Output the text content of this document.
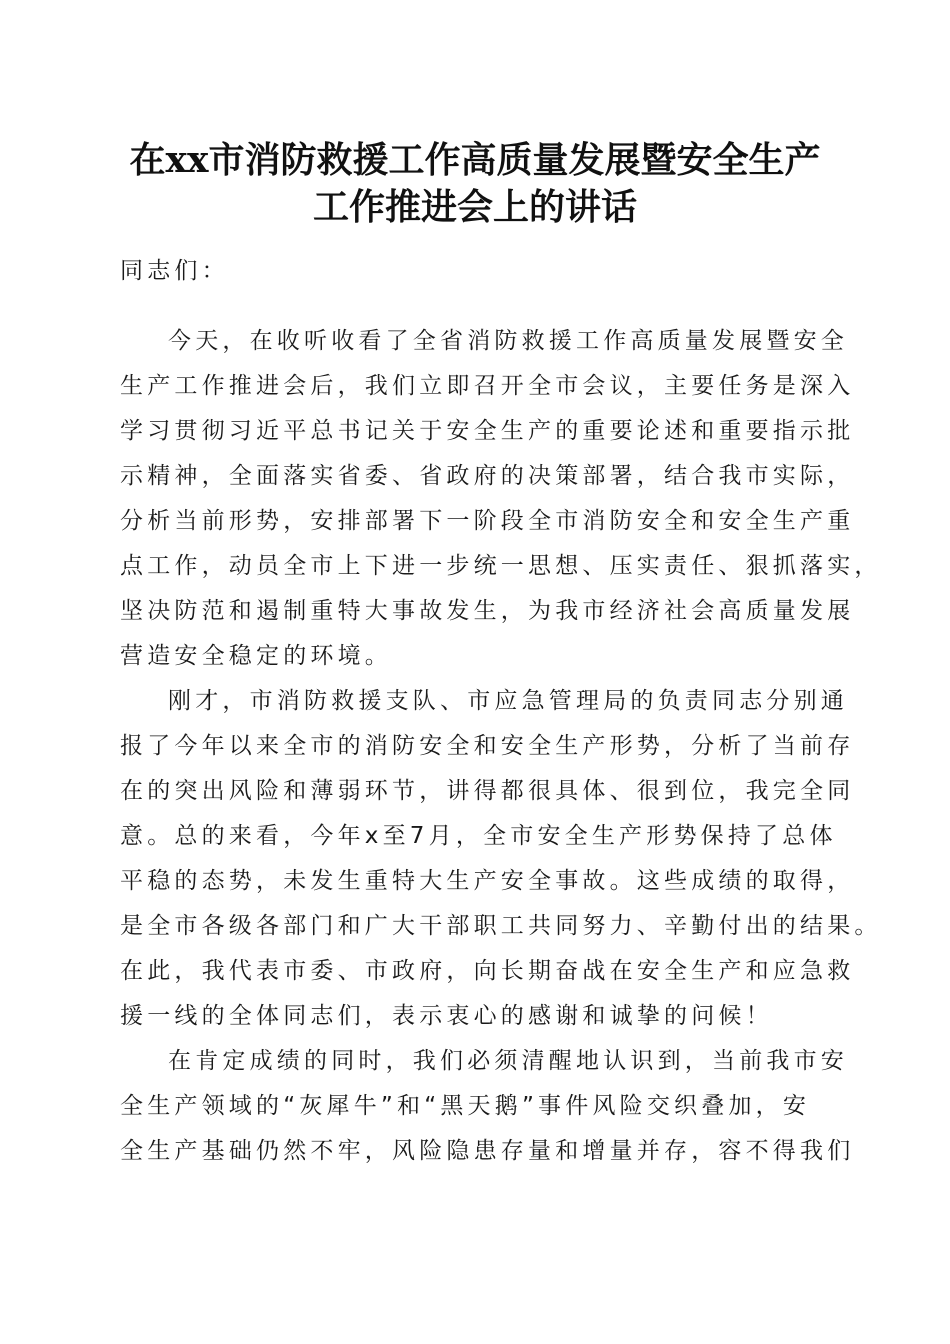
在xx市消防救援工作高质量发展暨安全生产
工作推进会上的讲话
同志们：
今天，在收听收看了全省消防救援工作高质量发展暨安全
生产工作推进会后，我们立即召开全市会议，主要任务是深入
学习贯彻习近平总书记关于安全生产的重要论述和重要指示批
示精神，全面落实省委、省政府的决策部署，结合我市实际，
分析当前形势，安排部署下一阶段全市消防安全和安全生产重
点工作，动员全市上下进一步统一思想、压实责任、狠抓落实，
坚决防范和遏制重特大事故发生，为我市经济社会高质量发展
营造安全稳定的环境。
刚才，市消防救援支队、市应急管理局的负责同志分别通
报了今年以来全市的消防安全和安全生产形势，分析了当前存
在的突出风险和薄弱环节，讲得都很具体、很到位，我完全同
意。总的来看，今年x至7月，全市安全生产形势保持了总体
平稳的态势，未发生重特大生产安全事故。这些成绩的取得，
是全市各级各部门和广大干部职工共同努力、辛勤付出的结果。
在此，我代表市委、市政府，向长期奋战在安全生产和应急救
援一线的全体同志们，表示衷心的感谢和诚挚的问候！
在肯定成绩的同时，我们必须清醒地认识到，当前我市安
全生产领域的“灰犀牛”和“黑天鹅”事件风险交织叠加，安
全生产基础仍然不牢，风险隐患存量和增量并存，容不得我们
